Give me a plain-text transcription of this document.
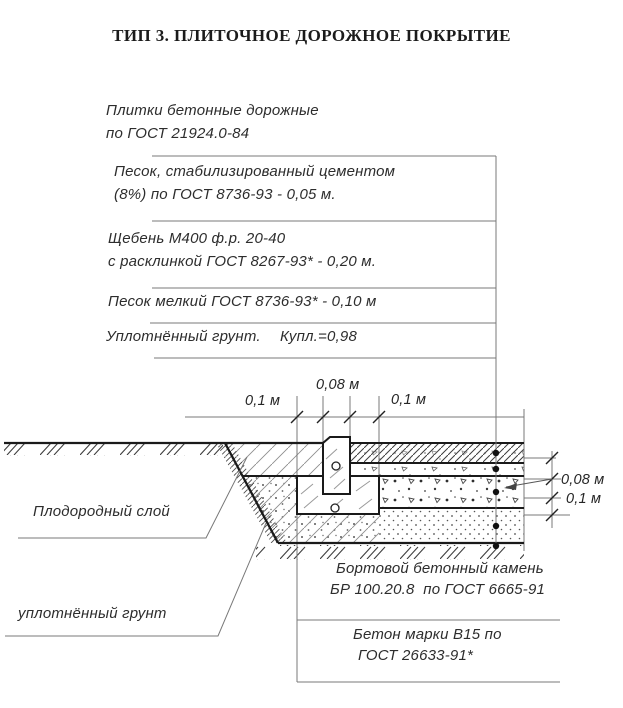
ТИП 3. ПЛИТОЧНОЕ ДОРОЖНОЕ ПОКРЫТИЕ
Плитки бетонные дорожные
по ГОСТ 21924.0-84
Песок, стабилизированный цементом
(8%) по ГОСТ 8736-93 - 0,05 м.
Щебень М400 ф.р. 20-40
с расклинкой ГОСТ 8267-93* - 0,20 м.
Песок мелкий ГОСТ 8736-93* - 0,10 м
Уплотнённый грунт. Купл.=0,98
0,1 м
0,08 м
0,1 м
0,08 м
0,1 м
Плодородный слой
уплотнённый грунт
Бортовой бетонный камень
БР 100.20.8  по ГОСТ 6665-91
Бетон марки В15 по
ГОСТ 26633-91*
